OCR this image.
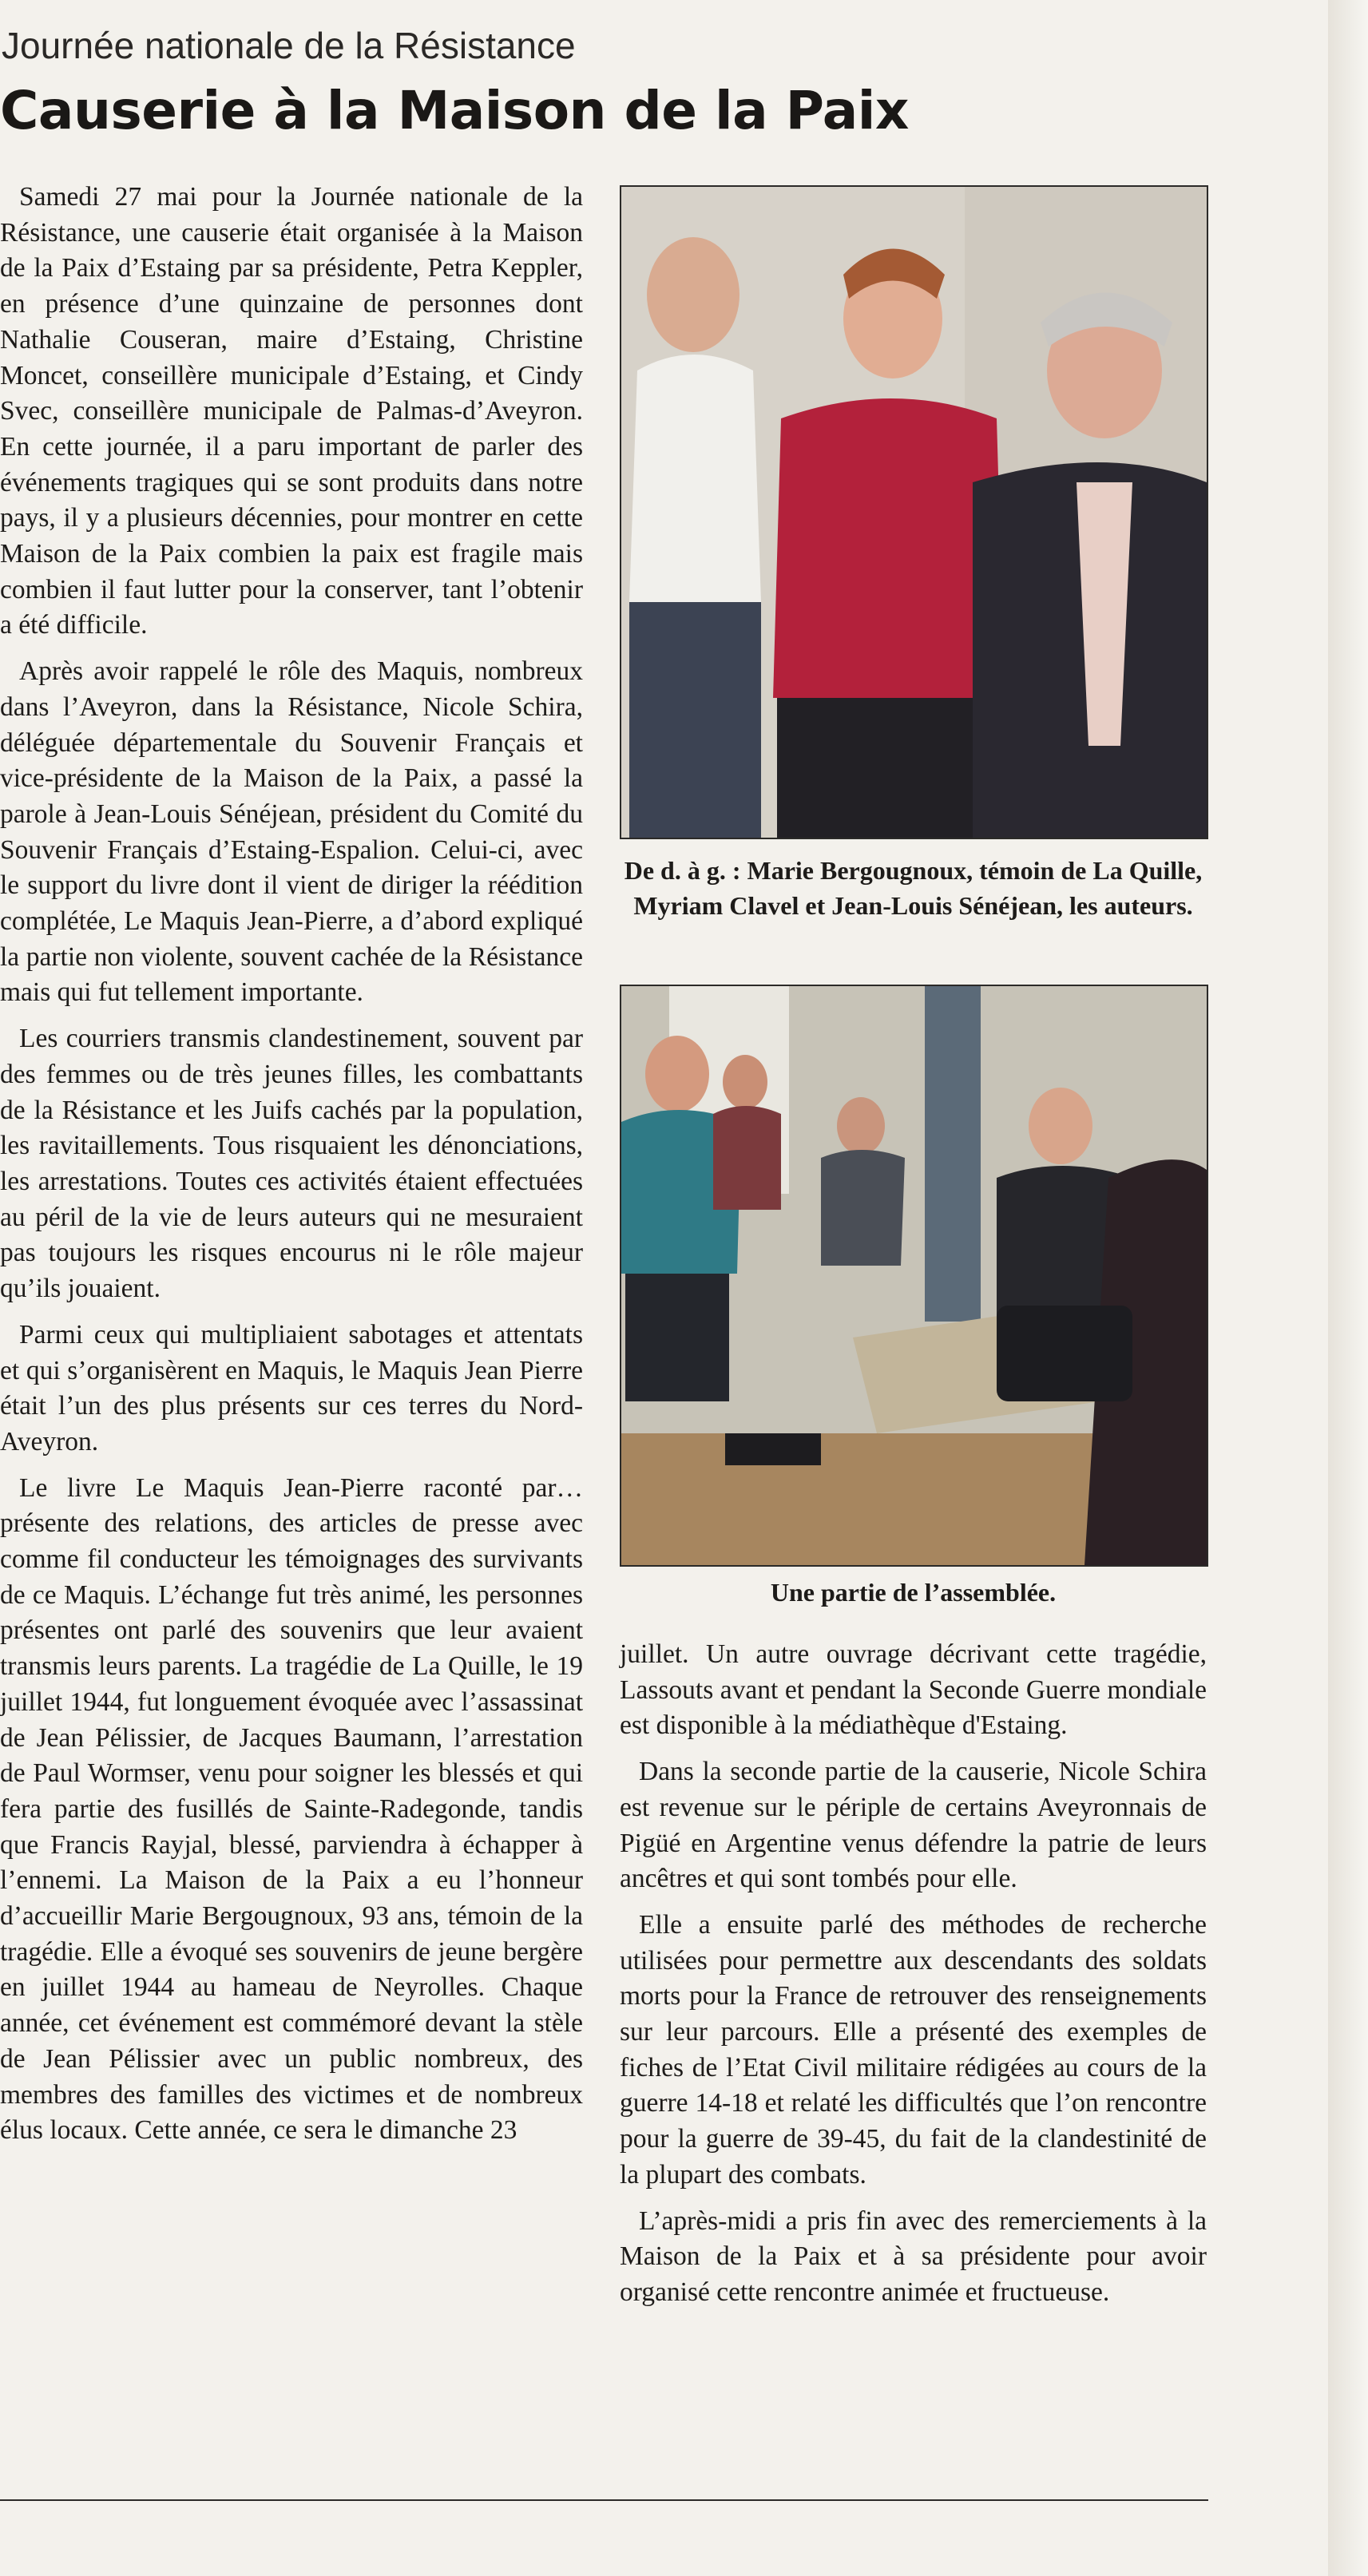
Journée nationale de la Résistance
Causerie à la Maison de la Paix

Samedi 27 mai pour la Journée nationale de la Résistance, une causerie était organisée à la Maison de la Paix d’Estaing par sa présidente, Petra Keppler, en présence d’une quinzaine de personnes dont Nathalie Couseran, maire d’Estaing, Christine Moncet, conseillère municipale d’Estaing, et Cindy Svec, conseillère municipale de Palmas-d’Aveyron. En cette journée, il a paru important de parler des événements tragiques qui se sont produits dans notre pays, il y a plusieurs décennies, pour montrer en cette Maison de la Paix combien la paix est fragile mais combien il faut lutter pour la conserver, tant l’obtenir a été difficile.

Après avoir rappelé le rôle des Maquis, nombreux dans l’Aveyron, dans la Résistance, Nicole Schira, déléguée départementale du Souvenir Français et vice-présidente de la Maison de la Paix, a passé la parole à Jean-Louis Sénéjean, président du Comité du Souvenir Français d’Estaing-Espalion. Celui-ci, avec le support du livre dont il vient de diriger la réédition complétée, Le Maquis Jean-Pierre, a d’abord expliqué la partie non violente, souvent cachée de la Résistance mais qui fut tellement importante.

Les courriers transmis clandestinement, souvent par des femmes ou de très jeunes filles, les combattants de la Résistance et les Juifs cachés par la population, les ravitaillements. Tous risquaient les dénonciations, les arrestations. Toutes ces activités étaient effectuées au péril de la vie de leurs auteurs qui ne mesuraient pas toujours les risques encourus ni le rôle majeur qu’ils jouaient.

Parmi ceux qui multipliaient sabotages et attentats et qui s’organisèrent en Maquis, le Maquis Jean Pierre était l’un des plus présents sur ces terres du Nord-Aveyron.

Le livre Le Maquis Jean-Pierre raconté par… présente des relations, des articles de presse avec comme fil conducteur les témoignages des survivants de ce Maquis. L’échange fut très animé, les personnes présentes ont parlé des souvenirs que leur avaient transmis leurs parents. La tragédie de La Quille, le 19 juillet 1944, fut longuement évoquée avec l’assassinat de Jean Pélissier, de Jacques Baumann, l’arrestation de Paul Wormser, venu pour soigner les blessés et qui fera partie des fusillés de Sainte-Radegonde, tandis que Francis Rayjal, blessé, parviendra à échapper à l’ennemi. La Maison de la Paix a eu l’honneur d’accueillir Marie Bergougnoux, 93 ans, témoin de la tragédie. Elle a évoqué ses souvenirs de jeune bergère en juillet 1944 au hameau de Neyrolles. Chaque année, cet événement est commémoré devant la stèle de Jean Pélissier avec un public nombreux, des membres des familles des victimes et de nombreux élus locaux. Cette année, ce sera le dimanche 23

De d. à g. : Marie Bergougnoux, témoin de La Quille, Myriam Clavel et Jean-Louis Sénéjean, les auteurs.
Une partie de l’assemblée.

juillet. Un autre ouvrage décrivant cette tragédie, Lassouts avant et pendant la Seconde Guerre mondiale est disponible à la médiathèque d'Estaing.

Dans la seconde partie de la causerie, Nicole Schira est revenue sur le périple de certains Aveyronnais de Pigüé en Argentine venus défendre la patrie de leurs ancêtres et qui sont tombés pour elle.

Elle a ensuite parlé des méthodes de recherche utilisées pour permettre aux descendants des soldats morts pour la France de retrouver des renseignements sur leur parcours. Elle a présenté des exemples de fiches de l’Etat Civil militaire rédigées au cours de la guerre 14-18 et relaté les difficultés que l’on rencontre pour la guerre de 39-45, du fait de la clandestinité de la plupart des combats.

L’après-midi a pris fin avec des remerciements à la Maison de la Paix et à sa présidente pour avoir organisé cette rencontre animée et fructueuse.
